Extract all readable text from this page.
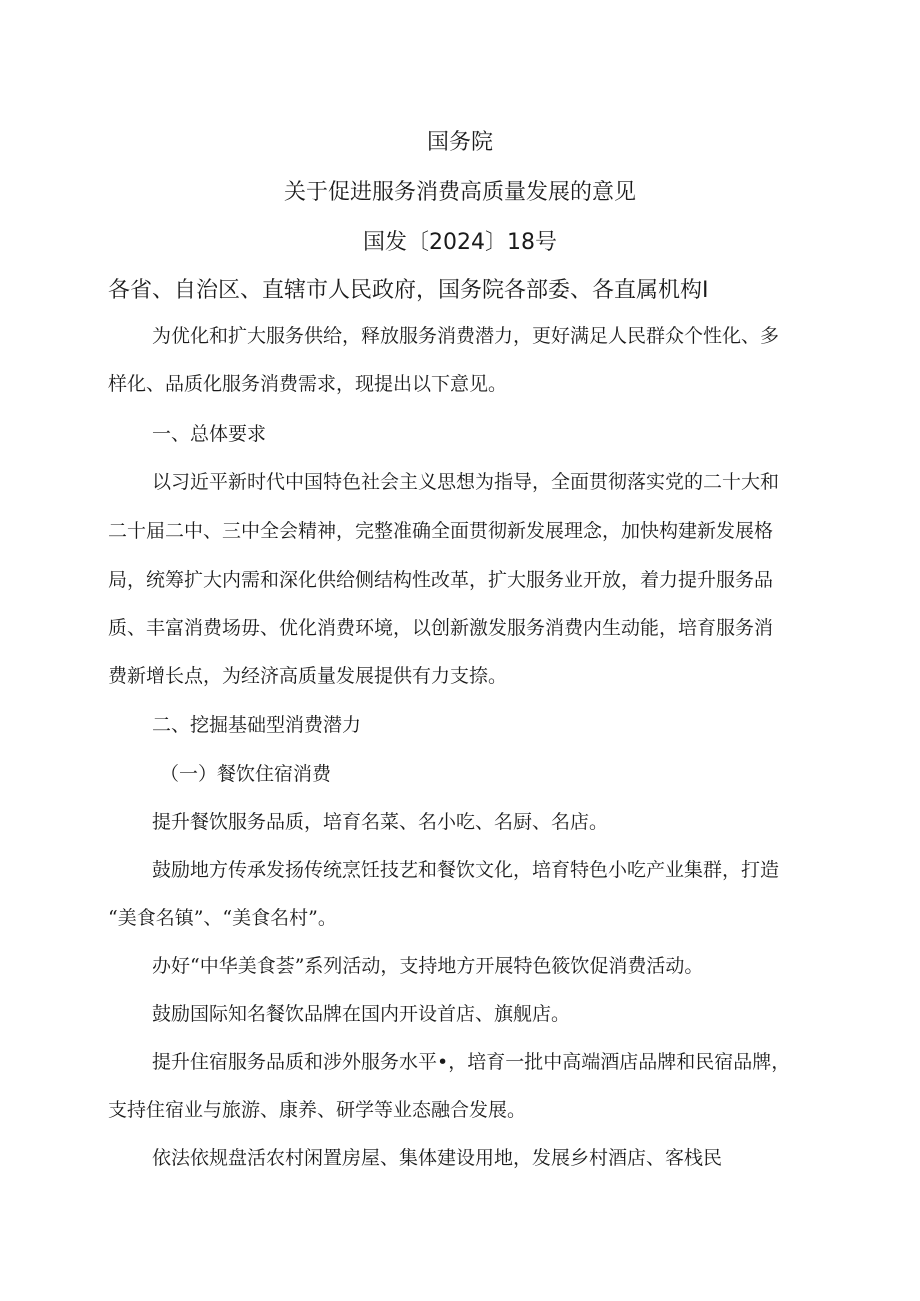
国务院
关于促进服务消费高质量发展的意见
国发〔2024〕18号
各省、自治区、直辖市人民政府，国务院各部委、各直属机构I
为优化和扩大服务供给，释放服务消费潜力，更好满足人民群众个性化、多
样化、品质化服务消费需求，现提出以下意见。
一、总体要求
以习近平新时代中国特色社会主义思想为指导，全面贯彻落实党的二十大和
二十届二中、三中全会精神，完整准确全面贯彻新发展理念，加快构建新发展格
局，统筹扩大内需和深化供给侧结构性改革，扩大服务业开放，着力提升服务品
质、丰富消费场毋、优化消费环境，以创新激发服务消费内生动能，培育服务消
费新增长点，为经济高质量发展提供有力支捺。
二、挖掘基础型消费潜力
（一）餐饮住宿消费
提升餐饮服务品质，培育名菜、名小吃、名厨、名店。
鼓励地方传承发扬传统烹饪技艺和餐饮文化，培育特色小吃产业集群，打造
“美食名镇”、“美食名村”。
办好“中华美食荟”系列活动，支持地方开展特色筱饮促消费活动。
鼓励国际知名餐饮品牌在国内开设首店、旗舰店。
提升住宿服务品质和涉外服务水平•，培育一批中高端酒店品牌和民宿品牌，
支持住宿业与旅游、康养、研学等业态融合发展。
依法依规盘活农村闲置房屋、集体建设用地，发展乡村酒店、客栈民
